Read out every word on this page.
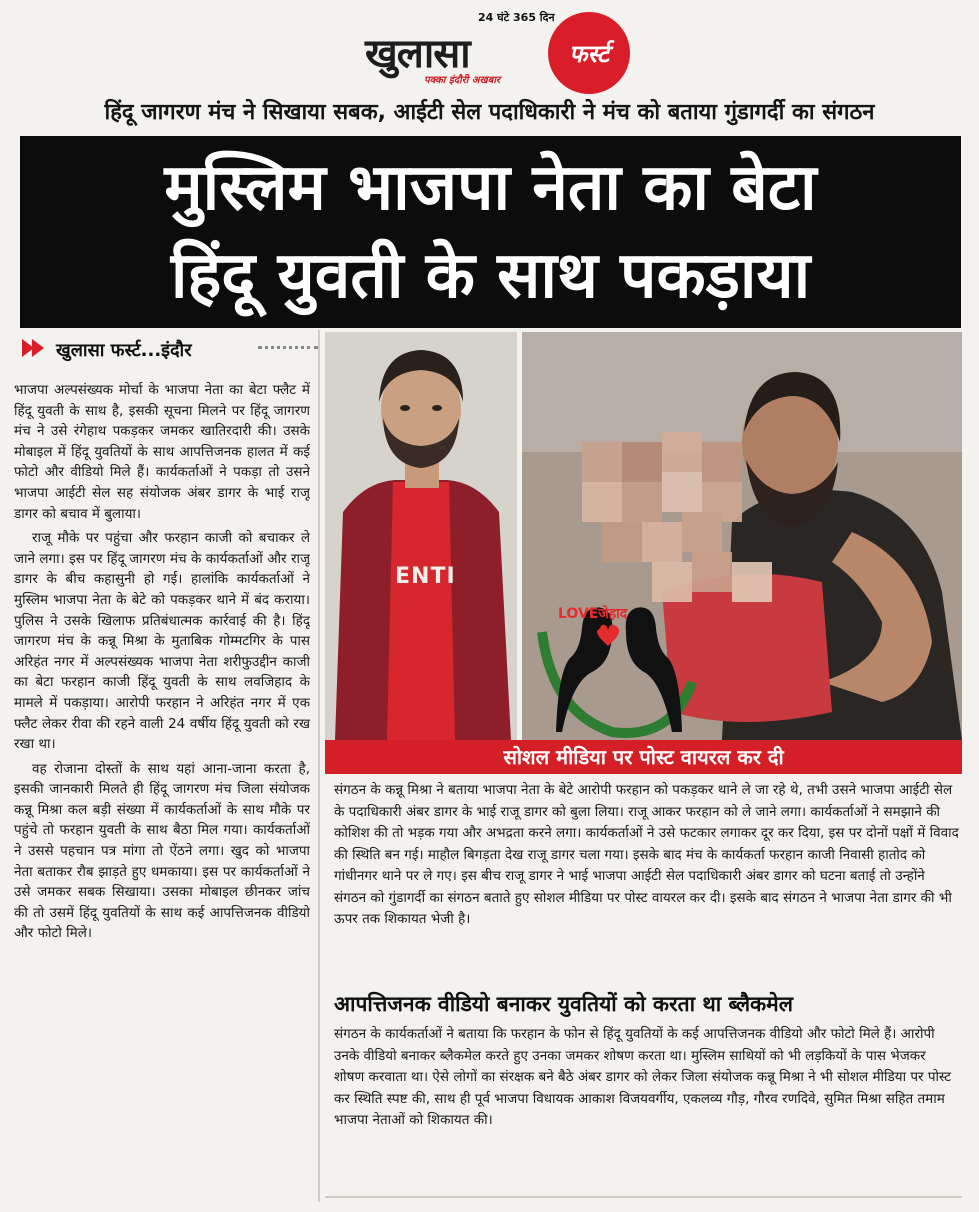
24 घंटे 365 दिन
खुलासा
पक्का इंदौरी अखबार
फर्स्ट
हिंदू जागरण मंच ने सिखाया सबक, आईटी सेल पदाधिकारी ने मंच को बताया गुंडागर्दी का संगठन
मुस्लिम भाजपा नेता का बेटा
हिंदू युवती के साथ पकड़ाया
खुलासा फर्स्ट...इंदौर

भाजपा अल्पसंख्यक मोर्चा के भाजपा नेता का बेटा फ्लैट में हिंदू युवती के साथ है, इसकी सूचना मिलने पर हिंदू जागरण मंच ने उसे रंगेहाथ पकड़कर जमकर खातिरदारी की। उसके मोबाइल में हिंदू युवतियों के साथ आपत्तिजनक हालत में कई फोटो और वीडियो मिले हैं। कार्यकर्ताओं ने पकड़ा तो उसने भाजपा आईटी सेल सह संयोजक अंबर डागर के भाई राजू डागर को बचाव में बुलाया।

राजू मौके पर पहुंचा और फरहान काजी को बचाकर ले जाने लगा। इस पर हिंदू जागरण मंच के कार्यकर्ताओं और राजू डागर के बीच कहासुनी हो गई। हालांकि कार्यकर्ताओं ने मुस्लिम भाजपा नेता के बेटे को पकड़कर थाने में बंद कराया। पुलिस ने उसके खिलाफ प्रतिबंधात्मक कार्रवाई की है। हिंदू जागरण मंच के कन्नू मिश्रा के मुताबिक गोम्मटगिर के पास अरिहंत नगर में अल्पसंख्यक भाजपा नेता शरीफुउद्दीन काजी का बेटा फरहान काजी हिंदू युवती के साथ लवजिहाद के मामले में पकड़ाया। आरोपी फरहान ने अरिहंत नगर में एक फ्लैट लेकर रीवा की रहने वाली 24 वर्षीय हिंदू युवती को रख रखा था।

वह रोजाना दोस्तों के साथ यहां आना-जाना करता है, इसकी जानकारी मिलते ही हिंदू जागरण मंच जिला संयोजक कन्नू मिश्रा कल बड़ी संख्या में कार्यकर्ताओं के साथ मौके पर पहुंचे तो फरहान युवती के साथ बैठा मिल गया। कार्यकर्ताओं ने उससे पहचान पत्र मांगा तो ऐंठने लगा। खुद को भाजपा नेता बताकर रौब झाड़ते हुए धमकाया। इस पर कार्यकर्ताओं ने उसे जमकर सबक सिखाया। उसका मोबाइल छीनकर जांच की तो उसमें हिंदू युवतियों के साथ कई आपत्तिजनक वीडियो और फोटो मिले।

ENTI
LOVEजेहाद
सोशल मीडिया पर पोस्ट वायरल कर दी

संगठन के कन्नू मिश्रा ने बताया भाजपा नेता के बेटे आरोपी फरहान को पकड़कर थाने ले जा रहे थे, तभी उसने भाजपा आईटी सेल के पदाधिकारी अंबर डागर के भाई राजू डागर को बुला लिया। राजू आकर फरहान को ले जाने लगा। कार्यकर्ताओं ने समझाने की कोशिश की तो भड़क गया और अभद्रता करने लगा। कार्यकर्ताओं ने उसे फटकार लगाकर दूर कर दिया, इस पर दोनों पक्षों में विवाद की स्थिति बन गई। माहौल बिगड़ता देख राजू डागर चला गया। इसके बाद मंच के कार्यकर्ता फरहान काजी निवासी हातोद को गांधीनगर थाने पर ले गए। इस बीच राजू डागर ने भाई भाजपा आईटी सेल पदाधिकारी अंबर डागर को घटना बताई तो उन्होंने संगठन को गुंडागर्दी का संगठन बताते हुए सोशल मीडिया पर पोस्ट वायरल कर दी। इसके बाद संगठन ने भाजपा नेता डागर की भी ऊपर तक शिकायत भेजी है।

आपत्तिजनक वीडियो बनाकर युवतियों को करता था ब्लैकमेल

संगठन के कार्यकर्ताओं ने बताया कि फरहान के फोन से हिंदू युवतियों के कई आपत्तिजनक वीडियो और फोटो मिले हैं। आरोपी उनके वीडियो बनाकर ब्लैकमेल करते हुए उनका जमकर शोषण करता था। मुस्लिम साथियों को भी लड़कियों के पास भेजकर शोषण करवाता था। ऐसे लोगों का संरक्षक बने बैठे अंबर डागर को लेकर जिला संयोजक कन्नू मिश्रा ने भी सोशल मीडिया पर पोस्ट कर स्थिति स्पष्ट की, साथ ही पूर्व भाजपा विधायक आकाश विजयवर्गीय, एकलव्य गौड़, गौरव रणदिवे, सुमित मिश्रा सहित तमाम भाजपा नेताओं को शिकायत की।
